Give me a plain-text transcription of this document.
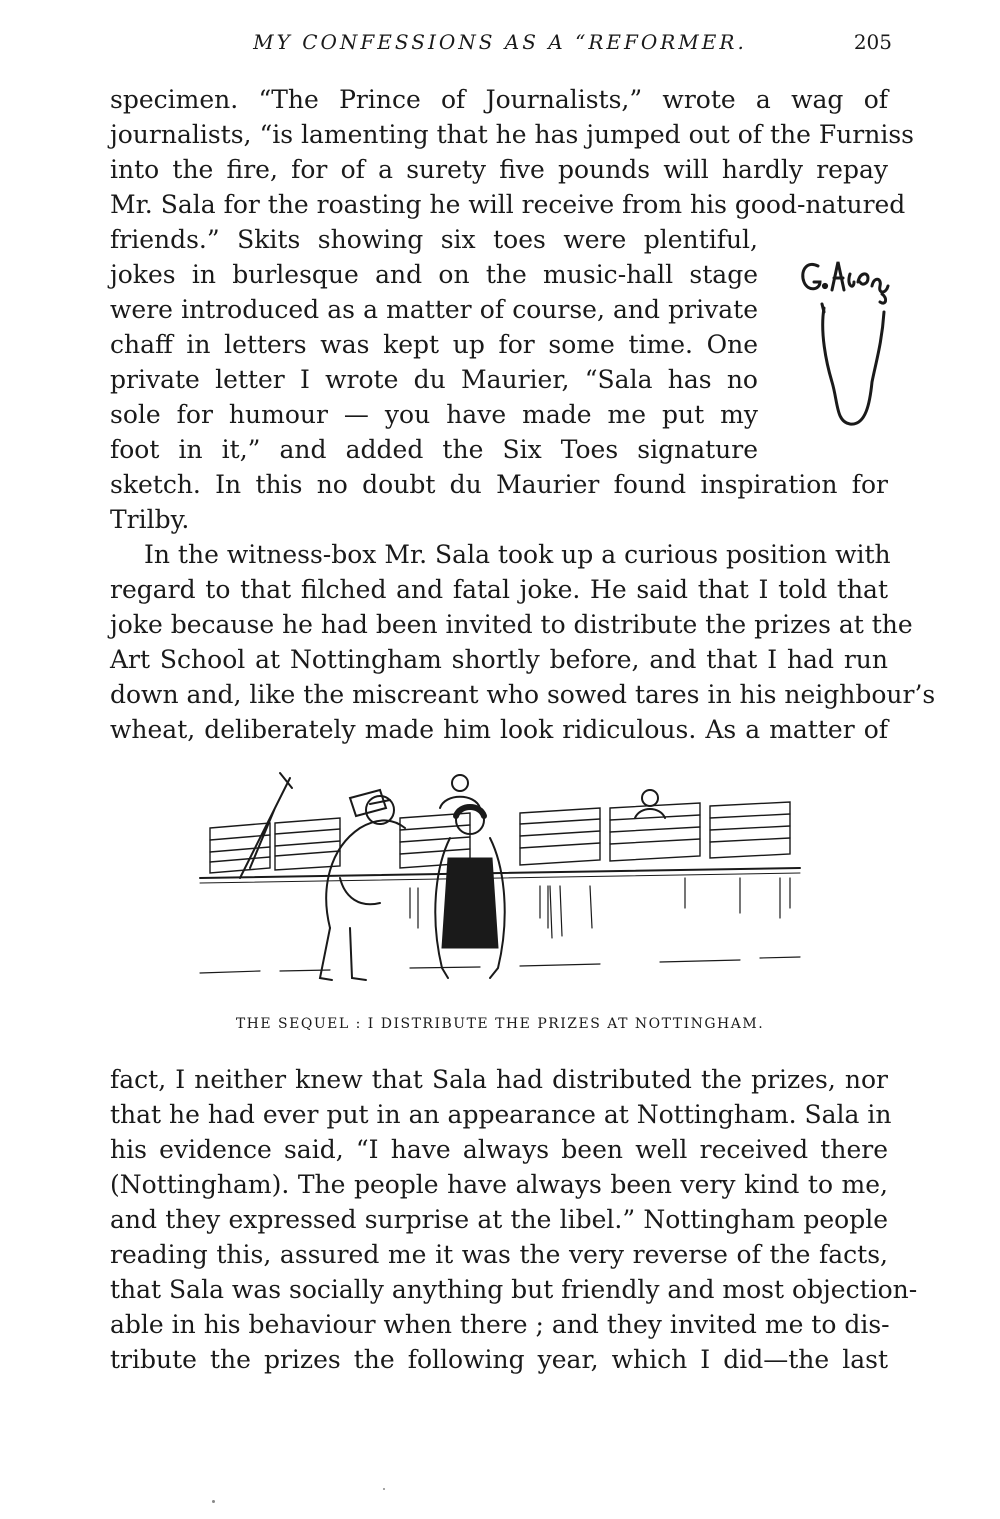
MY CONFESSIONS AS A “REFORMER.	205
specimen. “The Prince of Journalists,” wrote a wag of
journalists, “is lamenting that he has jumped out of the Furniss
into the fire, for of a surety five pounds will hardly repay
Mr. Sala for the roasting he will receive from his good-natured
friends.” Skits showing six toes were plentiful,
jokes in burlesque and on the music-hall stage
were introduced as a matter of course, and private
chaff in letters was kept up for some time. One
private letter I wrote du Maurier, “Sala has no
sole for humour — you have made me put my
foot in it,” and added the Six Toes signature
sketch. In this no doubt du Maurier found inspiration for
Trilby.
In the witness-box Mr. Sala took up a curious position with
regard to that filched and fatal joke. He said that I told that
joke because he had been invited to distribute the prizes at the
Art School at Nottingham shortly before, and that I had run
down and, like the miscreant who sowed tares in his neighbour’s
wheat, deliberately made him look ridiculous. As a matter of
THE SEQUEL : I DISTRIBUTE THE PRIZES AT NOTTINGHAM.
fact, I neither knew that Sala had distributed the prizes, nor
that he had ever put in an appearance at Nottingham. Sala in
his evidence said, “I have always been well received there
(Nottingham). The people have always been very kind to me,
and they expressed surprise at the libel.” Nottingham people
reading this, assured me it was the very reverse of the facts,
that Sala was socially anything but friendly and most objection-
able in his behaviour when there ; and they invited me to dis-
tribute the prizes the following year, which I did—the last
